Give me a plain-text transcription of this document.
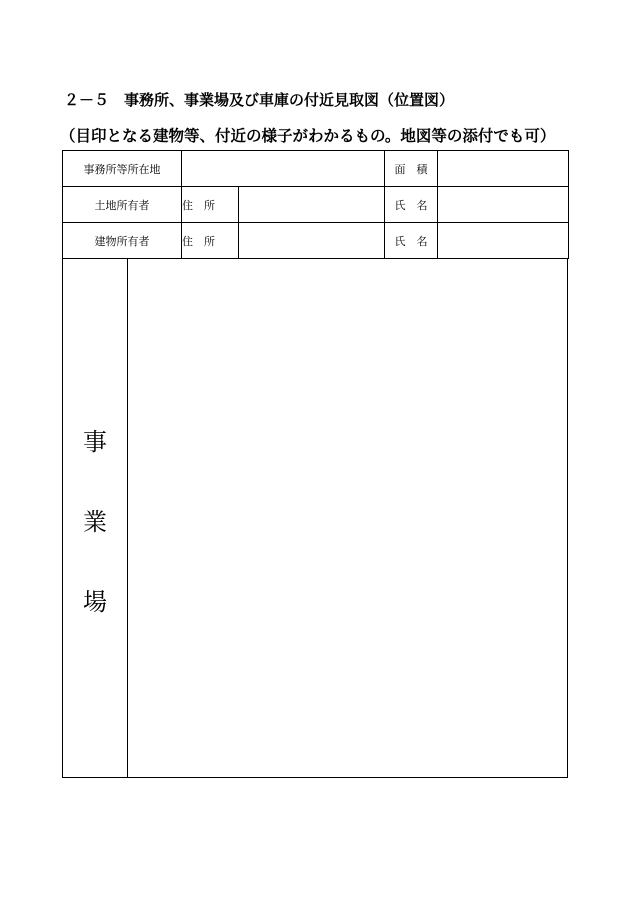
２－５　事務所、事業場及び車庫の付近見取図（位置図）
（目印となる建物等、付近の様子がわかるもの。地図等の添付でも可）
事務所等所在地			面　積	
土地所有者	住　所		氏　名	
建物所有者	住　所		氏　名	
事
業
場
